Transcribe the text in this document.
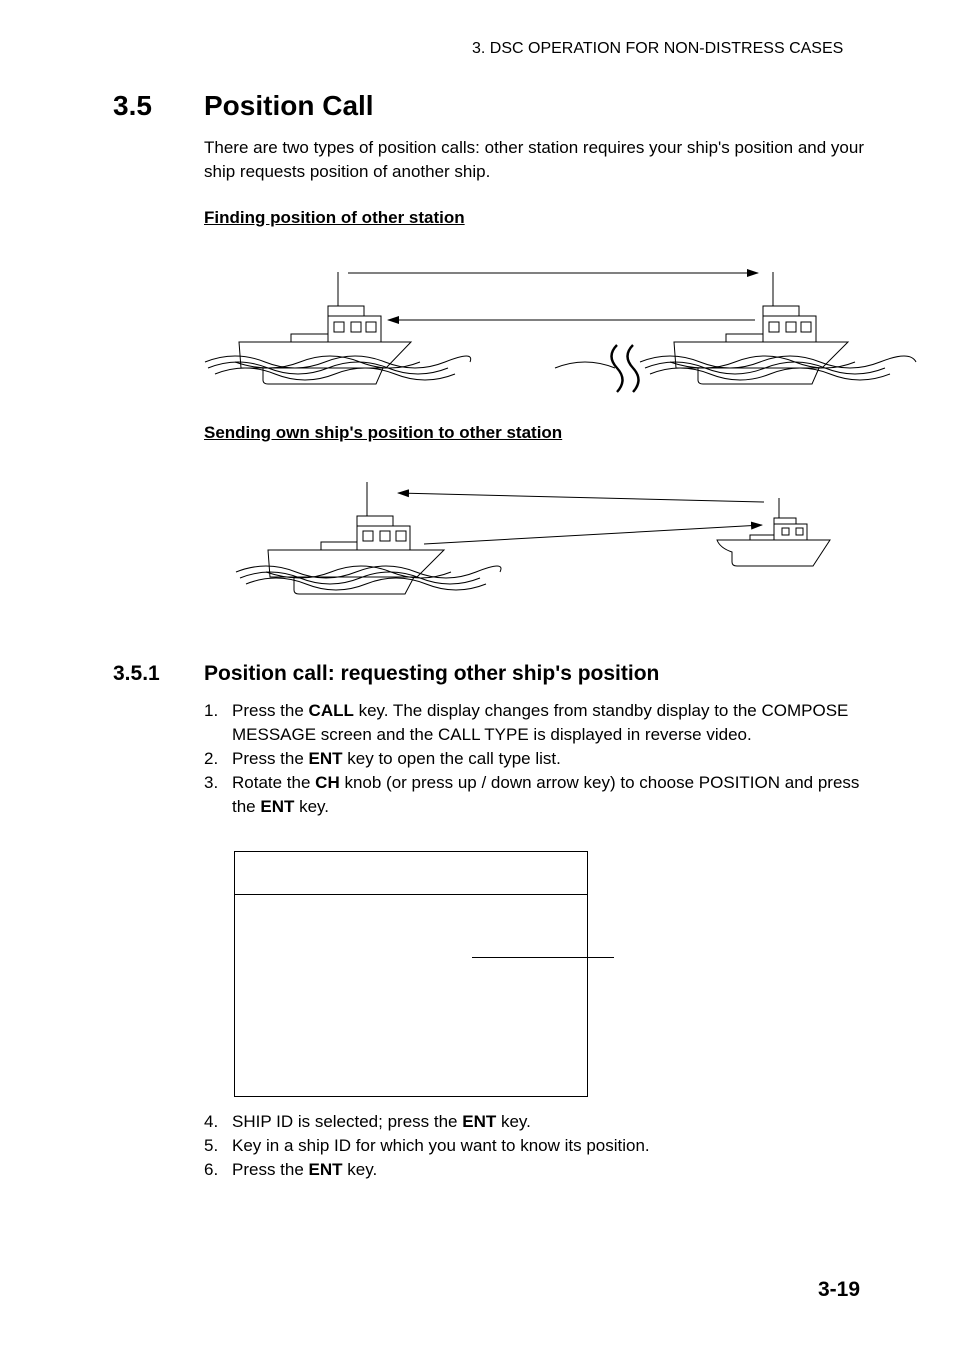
3. DSC OPERATION FOR NON-DISTRESS CASES
3.5 Position Call
There are two types of position calls: other station requires your ship's position and your ship requests position of another ship.
Finding position of other station
Sending own ship's position to other station
3.5.1 Position call: requesting other ship's position
1. Press the CALL key. The display changes from standby display to the COMPOSE MESSAGE screen and the CALL TYPE is displayed in reverse video.
2. Press the ENT key to open the call type list.
3. Rotate the CH knob (or press up / down arrow key) to choose POSITION and press the ENT key.
4. SHIP ID is selected; press the ENT key.
5. Key in a ship ID for which you want to know its position.
6. Press the ENT key.
3-19
